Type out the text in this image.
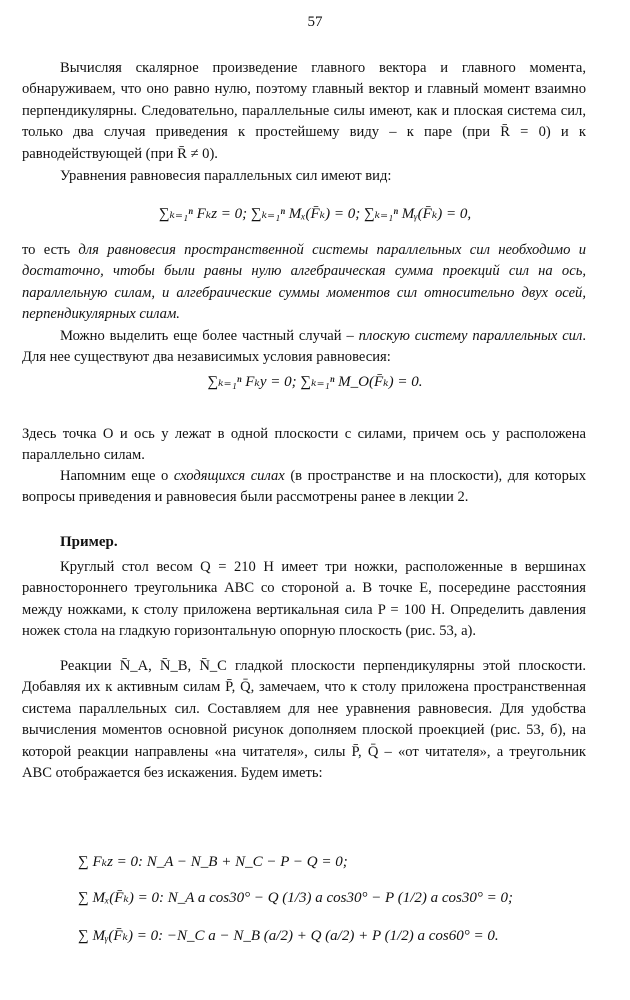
57

Вычисляя скалярное произведение главного вектора и главного момента, обнаруживаем, что оно равно нулю, поэтому главный вектор и главный момент взаимно перпендикулярны. Следовательно, параллельные силы имеют, как и плоская система сил, только два случая приведения к простейшему виду – к паре (при R̄ = 0) и к равнодействующей (при R̄ ≠ 0).

Уравнения равновесия параллельных сил имеют вид:

∑ₖ₌₁ⁿ Fₖz = 0; ∑ₖ₌₁ⁿ Mₓ(F̄ₖ) = 0; ∑ₖ₌₁ⁿ Mᵧ(F̄ₖ) = 0,

то есть для равновесия пространственной системы параллельных сил необходимо и достаточно, чтобы были равны нулю алгебраическая сумма проекций сил на ось, параллельную силам, и алгебраические суммы моментов сил относительно двух осей, перпендикулярных силам.

Можно выделить еще более частный случай – плоскую систему параллельных сил. Для нее существуют два независимых условия равновесия:

∑ₖ₌₁ⁿ Fₖy = 0; ∑ₖ₌₁ⁿ M_O(F̄ₖ) = 0.

Здесь точка O и ось y лежат в одной плоскости с силами, причем ось y расположена параллельно силам.

Напомним еще о сходящихся силах (в пространстве и на плоскости), для которых вопросы приведения и равновесия были рассмотрены ранее в лекции 2.

Пример.

Круглый стол весом Q = 210 Н имеет три ножки, расположенные в вершинах равностороннего треугольника ABC со стороной a. В точке E, посередине расстояния между ножками, к столу приложена вертикальная сила P = 100 Н. Определить давления ножек стола на гладкую горизонтальную опорную плоскость (рис. 53, а).

Реакции N̄_A, N̄_B, N̄_C гладкой плоскости перпендикулярны этой плоскости. Добавляя их к активным силам P̄, Q̄, замечаем, что к столу приложена пространственная система параллельных сил. Составляем для нее уравнения равновесия. Для удобства вычисления моментов основной рисунок дополняем плоской проекцией (рис. 53, б), на которой реакции направлены «на читателя», силы P̄, Q̄ – «от читателя», а треугольник ABC отображается без искажения. Будем иметь:

∑ Fₖz = 0: N_A − N_B + N_C − P − Q = 0;
∑ Mₓ(F̄ₖ) = 0: N_A a cos30° − Q (1/3) a cos30° − P (1/2) a cos30° = 0;
∑ Mᵧ(F̄ₖ) = 0: −N_C a − N_B (a/2) + Q (a/2) + P (1/2) a cos60° = 0.
